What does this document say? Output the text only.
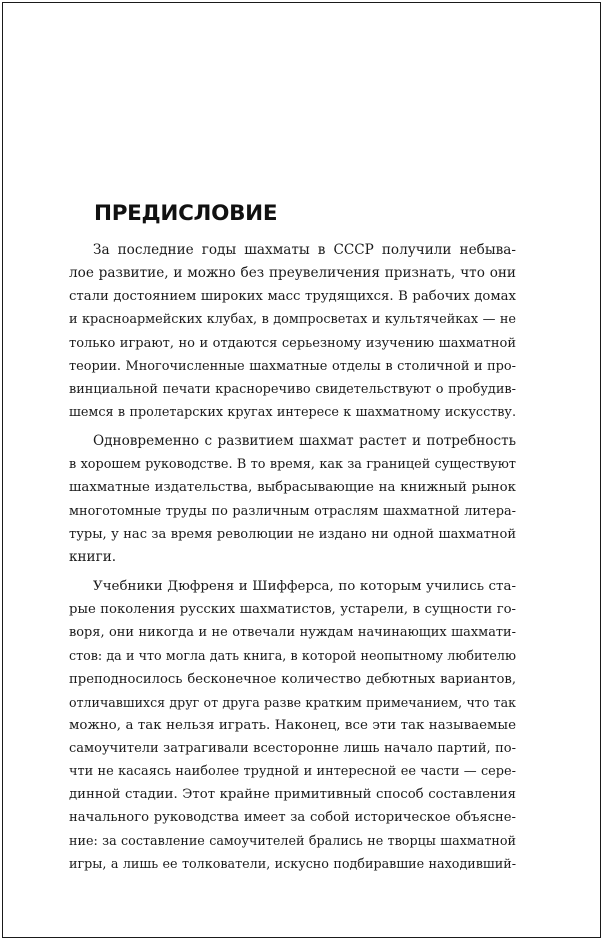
ПРЕДИСЛОВИЕ

За последние годы шахматы в СССР получили небыва-
лое развитие, и можно без преувеличения признать, что они
стали достоянием широких масс трудящихся. В рабочих домах
и красноармейских клубах, в домпросветах и культячейках — не
только играют, но и отдаются серьезному изучению шахматной
теории. Многочисленные шахматные отделы в столичной и про-
винциальной печати красноречиво свидетельствуют о пробудив-
шемся в пролетарских кругах интересе к шахматному искусству.

Одновременно с развитием шахмат растет и потребность
в хорошем руководстве. В то время, как за границей существуют
шахматные издательства, выбрасывающие на книжный рынок
многотомные труды по различным отраслям шахматной литера-
туры, у нас за время революции не издано ни одной шахматной
книги.

Учебники Дюфреня и Шифферса, по которым учились ста-
рые поколения русских шахматистов, устарели, в сущности го-
воря, они никогда и не отвечали нуждам начинающих шахмати-
стов: да и что могла дать книга, в которой неопытному любителю
преподносилось бесконечное количество дебютных вариантов,
отличавшихся друг от друга разве кратким примечанием, что так
можно, а так нельзя играть. Наконец, все эти так называемые
самоучители затрагивали всесторонне лишь начало партий, по-
чти не касаясь наиболее трудной и интересной ее части — сере-
динной стадии. Этот крайне примитивный способ составления
начального руководства имеет за собой историческое объясне-
ние: за составление самоучителей брались не творцы шахматной
игры, а лишь ее толкователи, искусно подбиравшие находивший-
